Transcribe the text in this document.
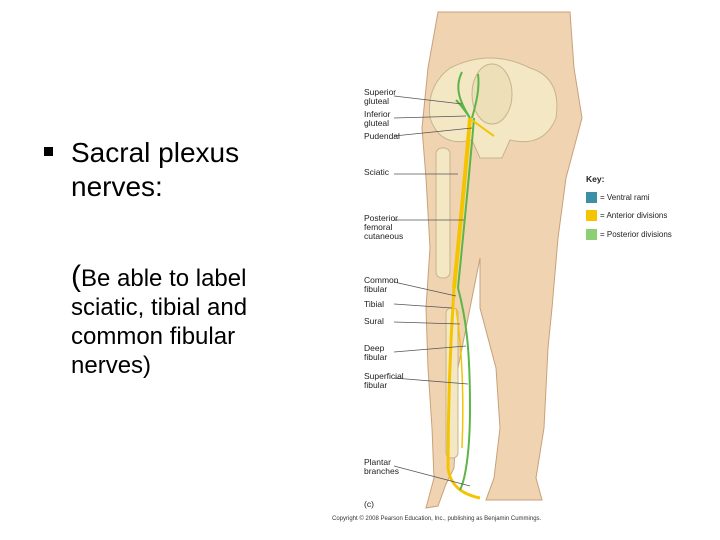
Sacral plexus nerves:
(Be able to label
sciatic, tibial and common fibular nerves)
Superior
gluteal
Inferior
gluteal
Pudendal
Sciatic
Posterior
femoral
cutaneous
Common
fibular
Tibial
Sural
Deep
fibular
Superficial
fibular
Plantar
branches
(c)
Key:
= Ventral rami
= Anterior divisions
= Posterior divisions
Copyright © 2008 Pearson Education, Inc., publishing as Benjamin Cummings.
